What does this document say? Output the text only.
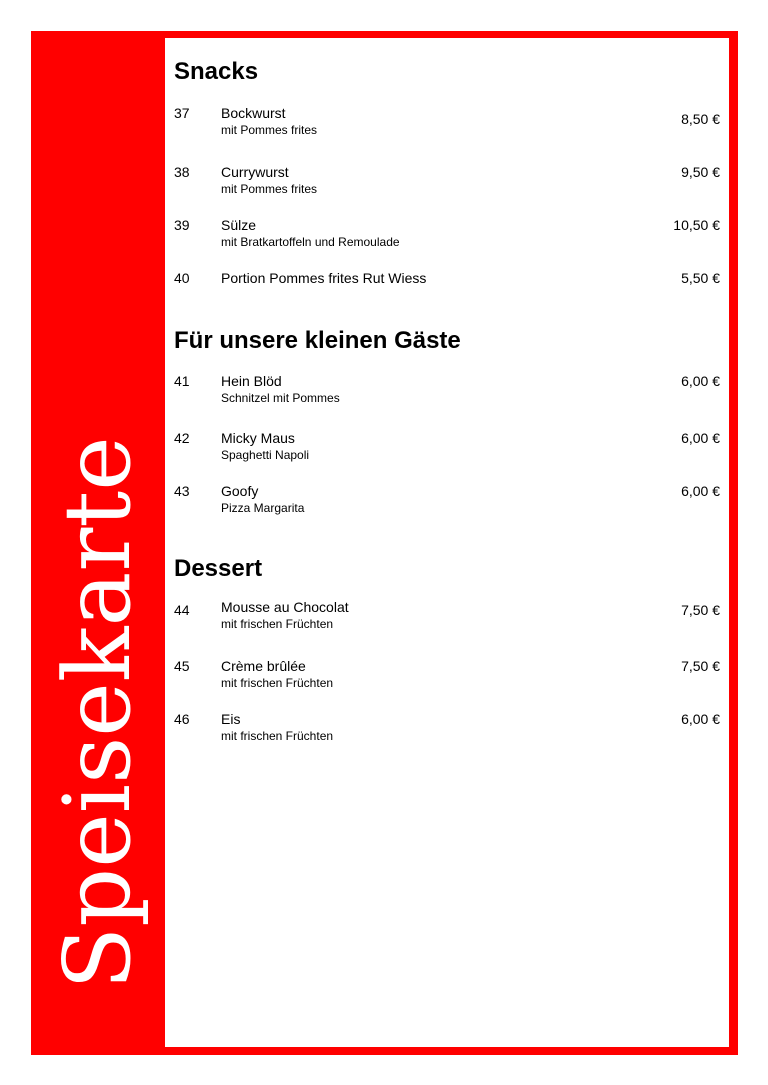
Speisekarte
Snacks
37 Bockwurst
mit Pommes frites
8,50 €
38 Currywurst
mit Pommes frites
9,50 €
39 Sülze
mit Bratkartoffeln und Remoulade
10,50 €
40 Portion Pommes frites Rut Wiess	5,50 €
Für unsere kleinen Gäste
41 Hein Blöd
Schnitzel mit Pommes
6,00 €
42 Micky Maus
Spaghetti Napoli
6,00 €
43 Goofy
Pizza Margarita
6,00 €
Dessert
44 Mousse au Chocolat
mit frischen Früchten
7,50 €
45 Crème brûlée
mit frischen Früchten
7,50 €
46 Eis
mit frischen Früchten
6,00 €
